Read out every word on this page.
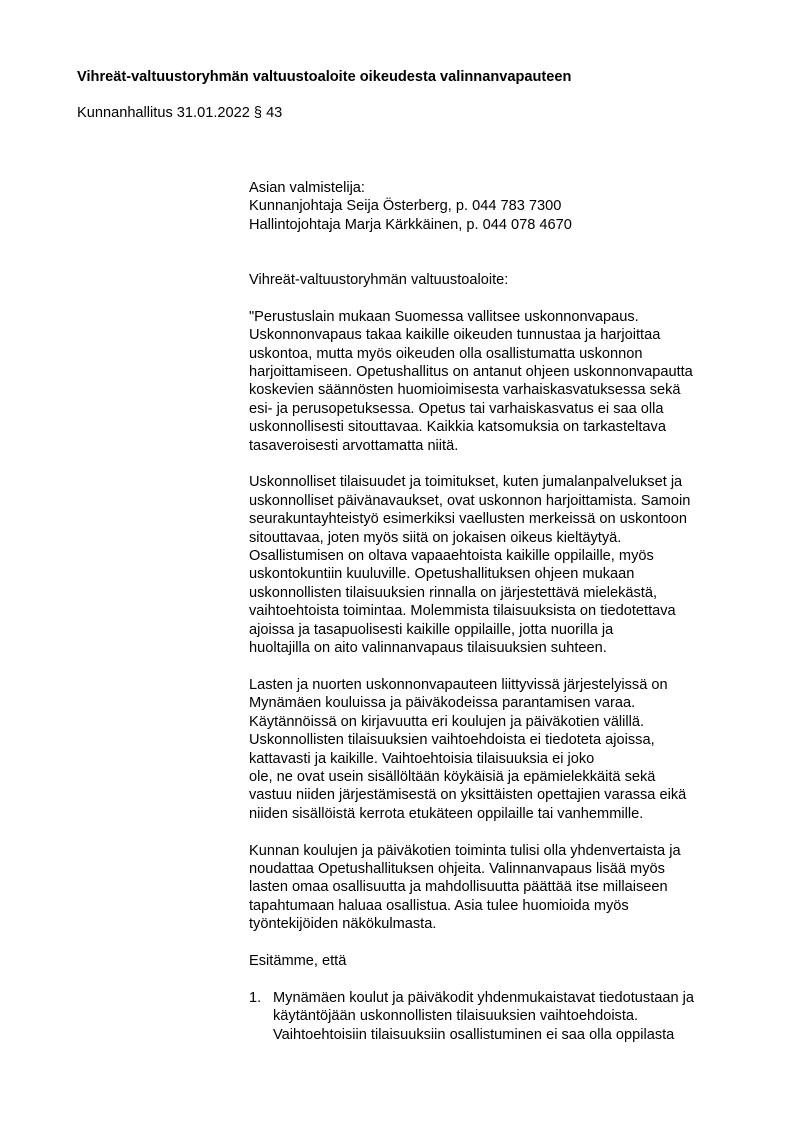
Vihreät-valtuustoryhmän valtuustoaloite oikeudesta valinnanvapauteen
Kunnanhallitus 31.01.2022 § 43

Asian valmistelija:

Kunnanjohtaja Seija Österberg, p. 044 783 7300

Hallintojohtaja Marja Kärkkäinen, p. 044 078 4670

Vihreät-valtuustoryhmän valtuustoaloite:

"Perustuslain mukaan Suomessa vallitsee uskonnonvapaus.

Uskonnonvapaus takaa kaikille oikeuden tunnustaa ja harjoittaa

uskontoa, mutta myös oikeuden olla osallistumatta uskonnon

harjoittamiseen. Opetushallitus on antanut ohjeen uskonnonvapautta

koskevien säännösten huomioimisesta varhaiskasvatuksessa sekä

esi- ja perusopetuksessa. Opetus tai varhaiskasvatus ei saa olla

uskonnollisesti sitouttavaa. Kaikkia katsomuksia on tarkasteltava

tasaveroisesti arvottamatta niitä.

Uskonnolliset tilaisuudet ja toimitukset, kuten jumalanpalvelukset ja

uskonnolliset päivänavaukset, ovat uskonnon harjoittamista. Samoin

seurakuntayhteistyö esimerkiksi vaellusten merkeissä on uskontoon

sitouttavaa, joten myös siitä on jokaisen oikeus kieltäytyä.

Osallistumisen on oltava vapaaehtoista kaikille oppilaille, myös

uskontokuntiin kuuluville. Opetushallituksen ohjeen mukaan

uskonnollisten tilaisuuksien rinnalla on järjestettävä mielekästä,

vaihtoehtoista toimintaa. Molemmista tilaisuuksista on tiedotettava

ajoissa ja tasapuolisesti kaikille oppilaille, jotta nuorilla ja

huoltajilla on aito valinnanvapaus tilaisuuksien suhteen.

Lasten ja nuorten uskonnonvapauteen liittyvissä järjestelyissä on

Mynämäen kouluissa ja päiväkodeissa parantamisen varaa.

Käytännöissä on kirjavuutta eri koulujen ja päiväkotien välillä.

Uskonnollisten tilaisuuksien vaihtoehdoista ei tiedoteta ajoissa,

kattavasti ja kaikille. Vaihtoehtoisia tilaisuuksia ei joko

ole, ne ovat usein sisällöltään köykäisiä ja epämielekkäitä sekä

vastuu niiden järjestämisestä on yksittäisten opettajien varassa eikä

niiden sisällöistä kerrota etukäteen oppilaille tai vanhemmille.

Kunnan koulujen ja päiväkotien toiminta tulisi olla yhdenvertaista ja

noudattaa Opetushallituksen ohjeita. Valinnanvapaus lisää myös

lasten omaa osallisuutta ja mahdollisuutta päättää itse millaiseen

tapahtumaan haluaa osallistua. Asia tulee huomioida myös

työntekijöiden näkökulmasta.

Esitämme, että

1. Mynämäen koulut ja päiväkodit yhdenmukaistavat tiedotustaan ja

käytäntöjään uskonnollisten tilaisuuksien vaihtoehdoista.

Vaihtoehtoisiin tilaisuuksiin osallistuminen ei saa olla oppilasta
